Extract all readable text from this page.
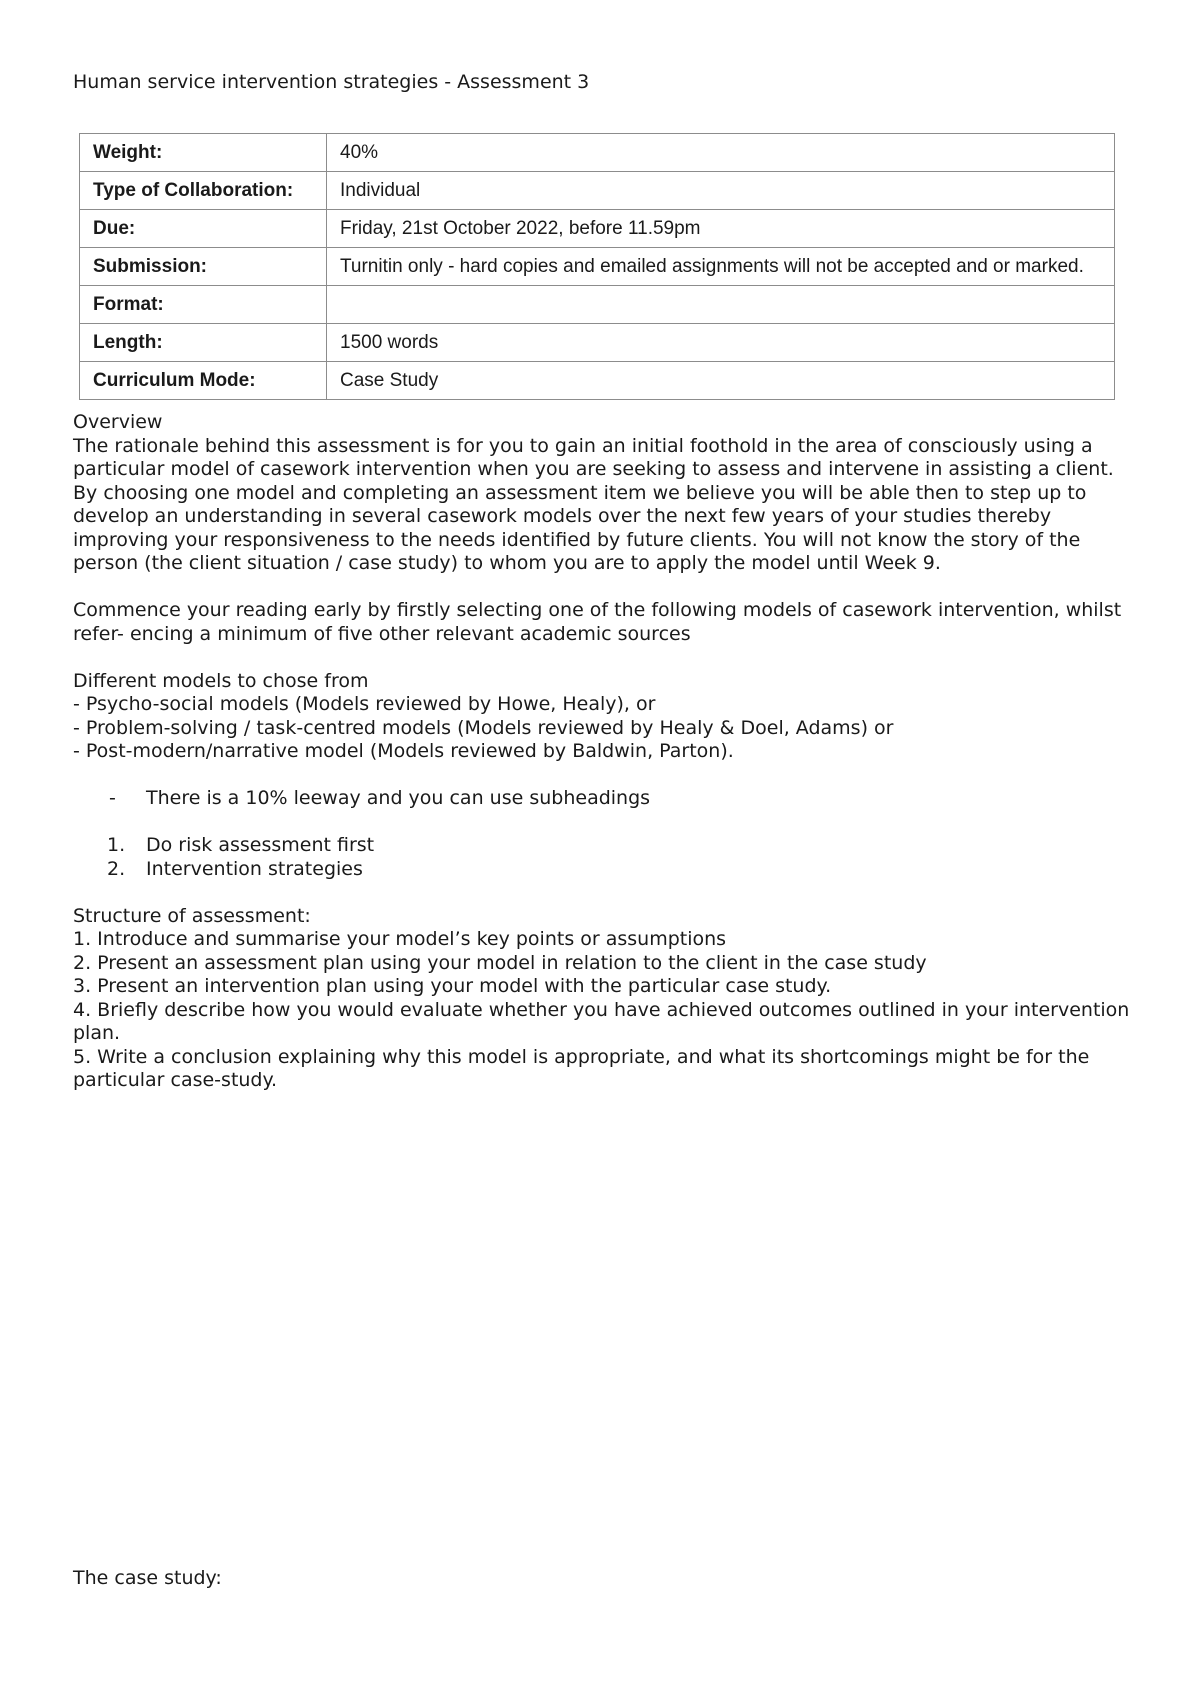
Human service intervention strategies - Assessment 3
Weight:	40%
Type of Collaboration:	Individual
Due:	Friday, 21st October 2022, before 11.59pm
Submission:	Turnitin only - hard copies and emailed assignments will not be accepted and or marked.
Format:	
Length:	1500 words
Curriculum Mode:	Case Study

Overview

The rationale behind this assessment is for you to gain an initial foothold in the area of consciously using a particular model of casework intervention when you are seeking to assess and intervene in assisting a client. By choosing one model and completing an assessment item we believe you will be able then to step up to develop an understanding in several casework models over the next few years of your studies thereby improving your responsiveness to the needs identified by future clients. You will not know the story of the person (the client situation / case study) to whom you are to apply the model until Week 9.

Commence your reading early by firstly selecting one of the following models of casework intervention, whilst refer- encing a minimum of five other relevant academic sources

Different models to chose from

- Psycho-social models (Models reviewed by Howe, Healy), or

- Problem-solving / task-centred models (Models reviewed by Healy & Doel, Adams) or

- Post-modern/narrative model (Models reviewed by Baldwin, Parton).

- There is a 10% leeway and you can use subheadings
1. Do risk assessment first
2. Intervention strategies

Structure of assessment:

1. Introduce and summarise your model’s key points or assumptions

2. Present an assessment plan using your model in relation to the client in the case study

3. Present an intervention plan using your model with the particular case study.

4. Briefly describe how you would evaluate whether you have achieved outcomes outlined in your intervention plan.

5. Write a conclusion explaining why this model is appropriate, and what its shortcomings might be for the particular case-study.

The case study:
